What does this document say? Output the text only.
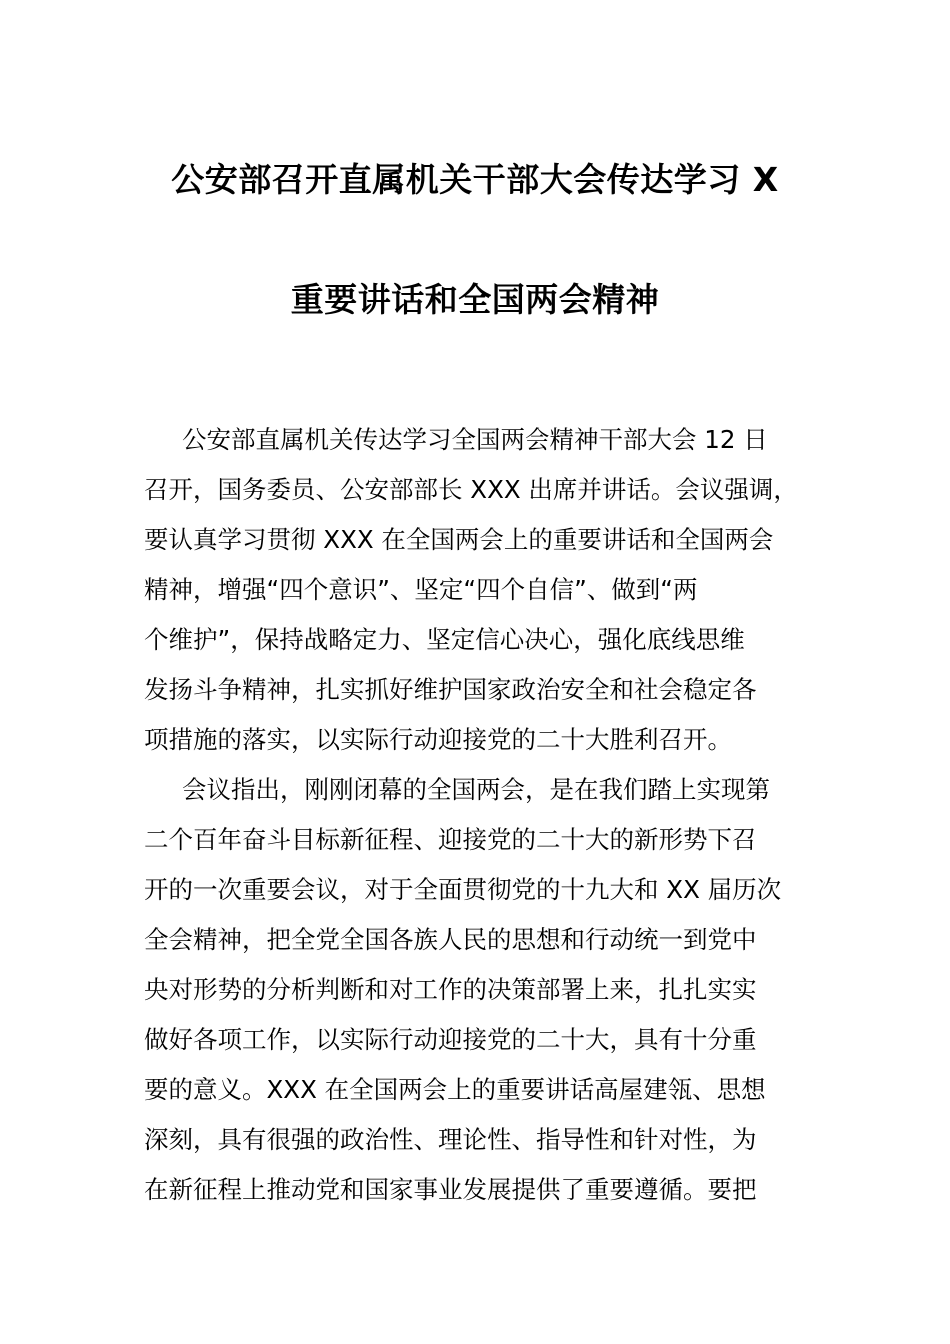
公安部召开直属机关干部大会传达学习 X
重要讲话和全国两会精神
公安部直属机关传达学习全国两会精神干部大会 12 日
召开，国务委员、公安部部长 XXX 出席并讲话。会议强调，
要认真学习贯彻 XXX 在全国两会上的重要讲话和全国两会
精神，增强“四个意识”、坚定“四个自信”、做到“两
个维护”，保持战略定力、坚定信心决心，强化底线思维
发扬斗争精神，扎实抓好维护国家政治安全和社会稳定各
项措施的落实，以实际行动迎接党的二十大胜利召开。
会议指出，刚刚闭幕的全国两会，是在我们踏上实现第
二个百年奋斗目标新征程、迎接党的二十大的新形势下召
开的一次重要会议，对于全面贯彻党的十九大和 XX 届历次
全会精神，把全党全国各族人民的思想和行动统一到党中
央对形势的分析判断和对工作的决策部署上来，扎扎实实
做好各项工作，以实际行动迎接党的二十大，具有十分重
要的意义。XXX 在全国两会上的重要讲话高屋建瓴、思想
深刻，具有很强的政治性、理论性、指导性和针对性，为
在新征程上推动党和国家事业发展提供了重要遵循。要把
